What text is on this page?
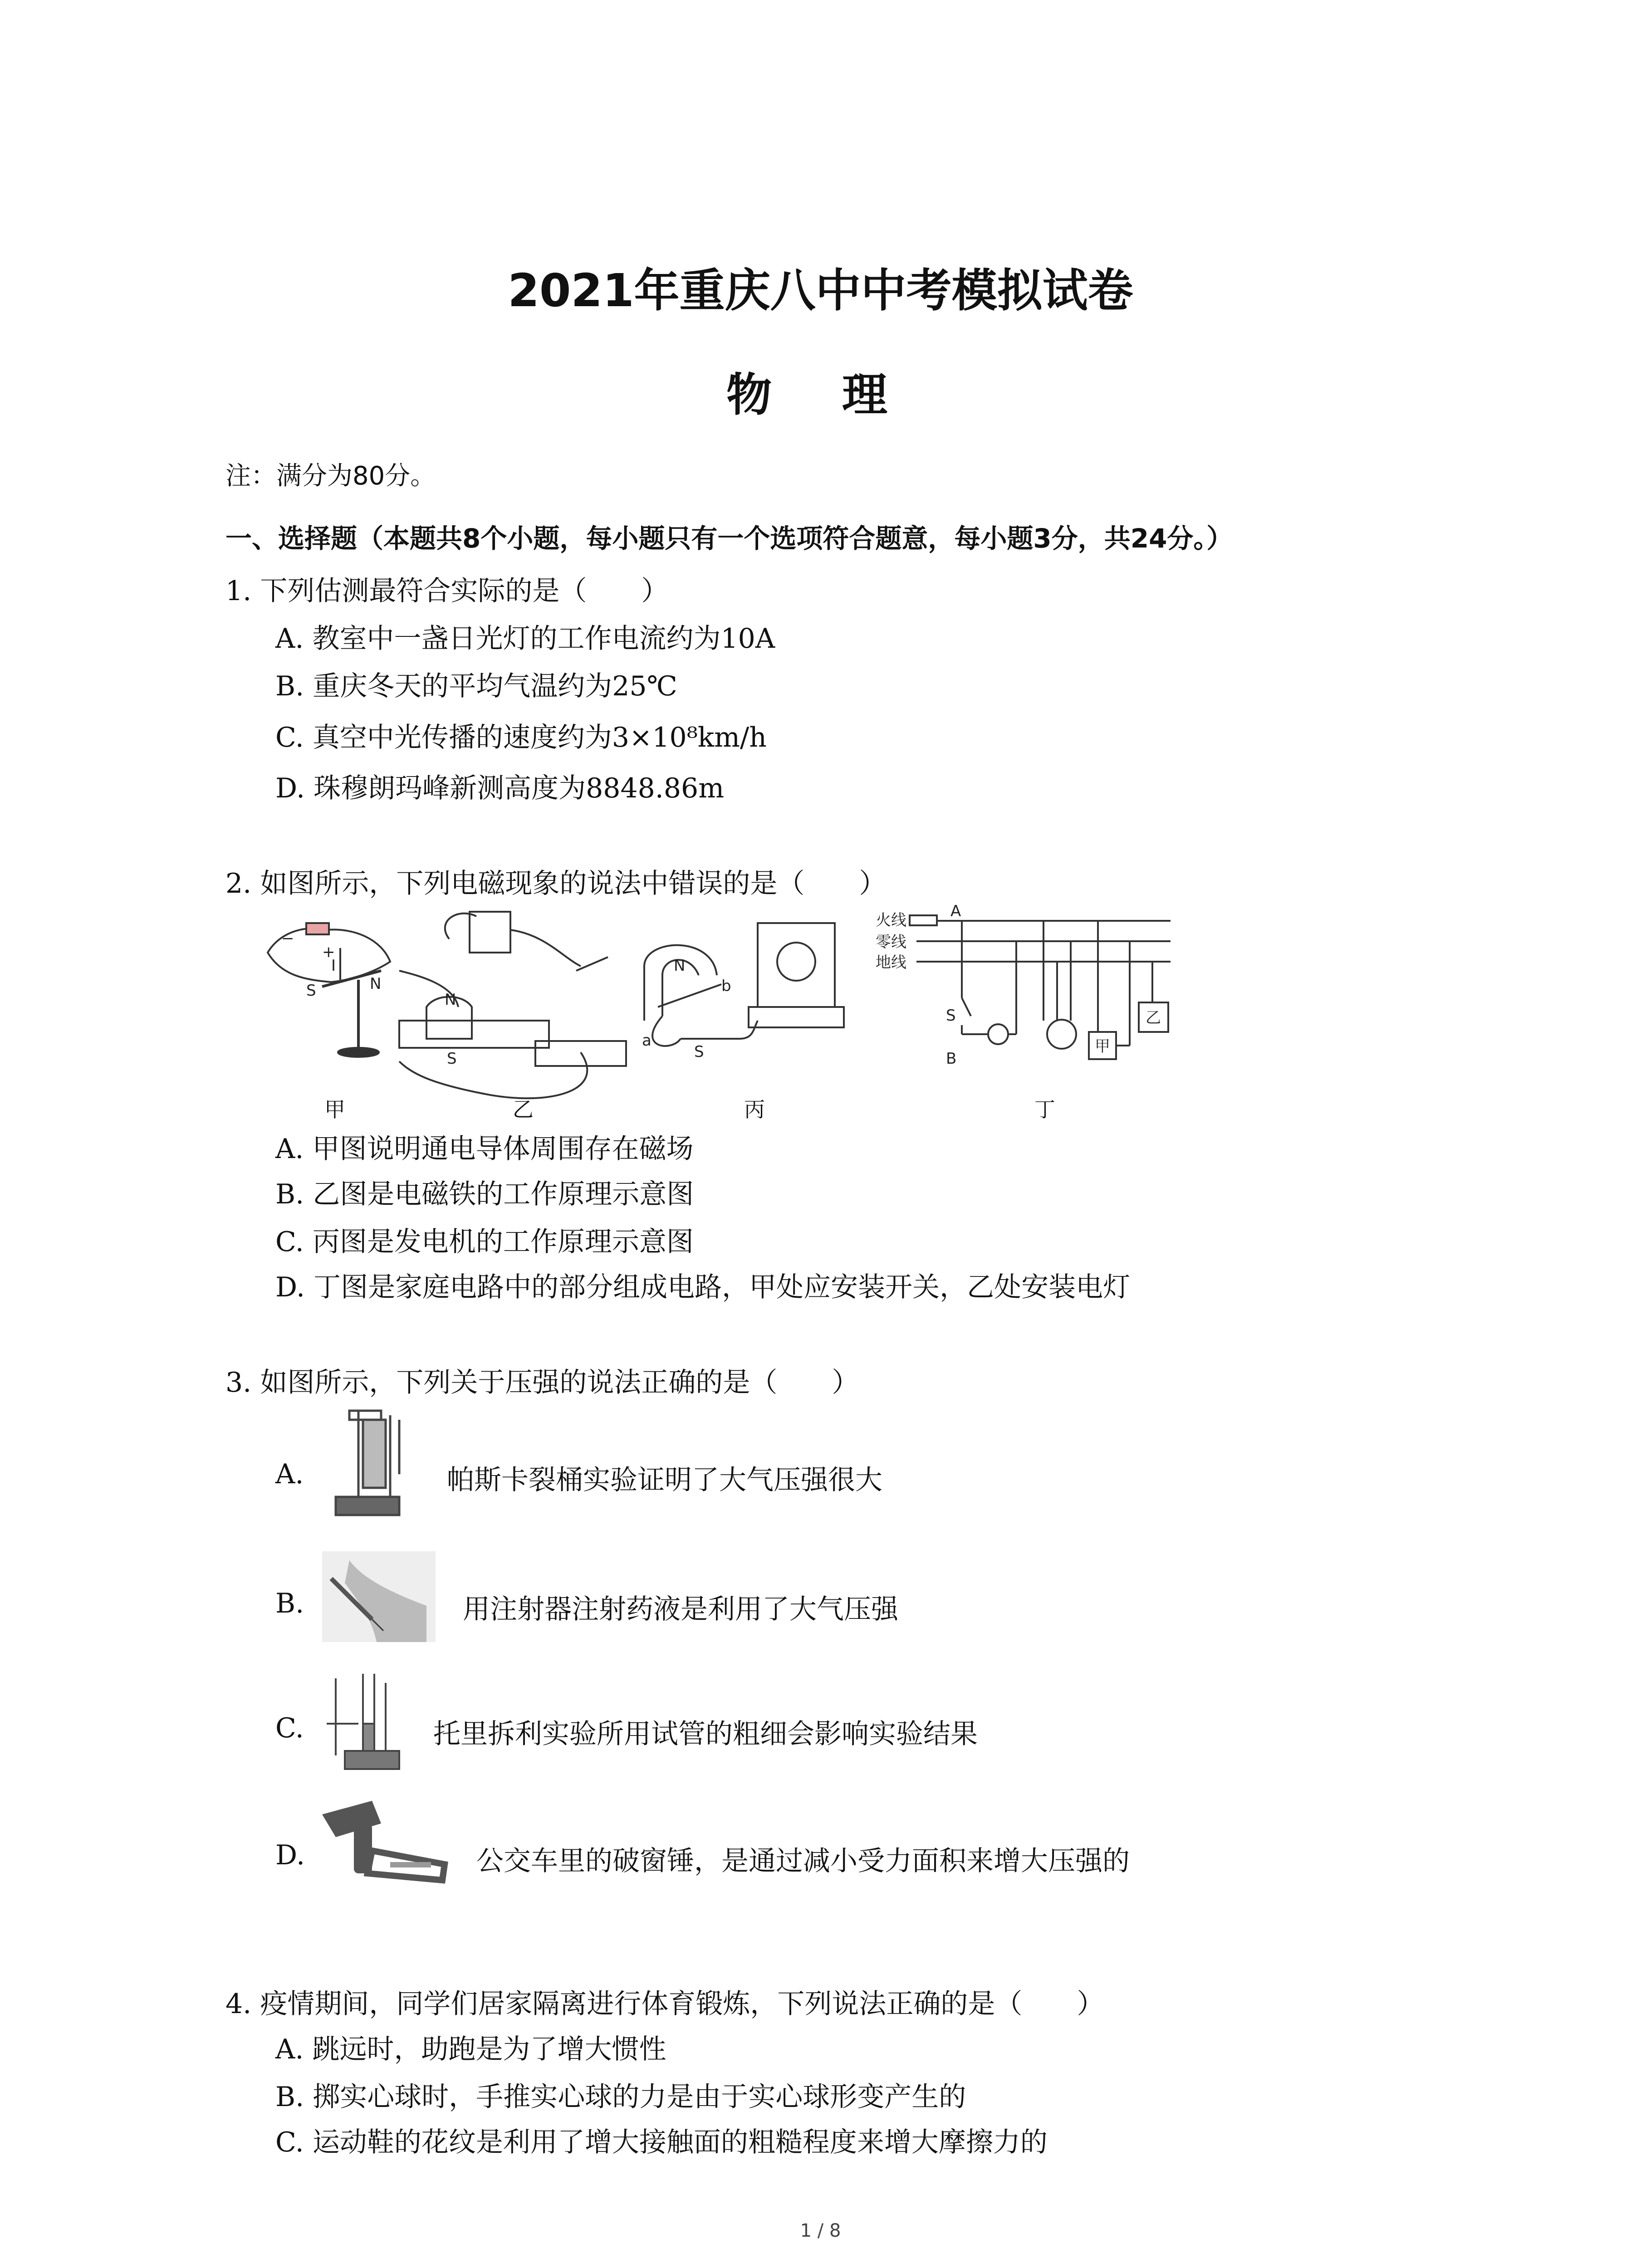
2021年重庆八中中考模拟试卷
物 理
注：满分为80分。
一、选择题（本题共8个小题，每小题只有一个选项符合题意，每小题3分，共24分。）
1. 下列估测最符合实际的是（　　）
A. 教室中一盏日光灯的工作电流约为10A
B. 重庆冬天的平均气温约为25℃
C. 真空中光传播的速度约为3×10⁸km/h
D. 珠穆朗玛峰新测高度为8848.86m
2. 如图所示，下列电磁现象的说法中错误的是（　　）
−
+
I
S	N
N
S
N
b
a
S
火线
零线
地线
A
S
B
甲
乙
甲	乙	丙	丁
A. 甲图说明通电导体周围存在磁场
B. 乙图是电磁铁的工作原理示意图
C. 丙图是发电机的工作原理示意图
D. 丁图是家庭电路中的部分组成电路，甲处应安装开关，乙处安装电灯
3. 如图所示，下列关于压强的说法正确的是（　　）
A.	帕斯卡裂桶实验证明了大气压强很大
B.	用注射器注射药液是利用了大气压强
C.	托里拆利实验所用试管的粗细会影响实验结果
D.	公交车里的破窗锤，是通过减小受力面积来增大压强的
4. 疫情期间，同学们居家隔离进行体育锻炼，下列说法正确的是（　　）
A. 跳远时，助跑是为了增大惯性
B. 掷实心球时，手推实心球的力是由于实心球形变产生的
C. 运动鞋的花纹是利用了增大接触面的粗糙程度来增大摩擦力的
1 / 8
